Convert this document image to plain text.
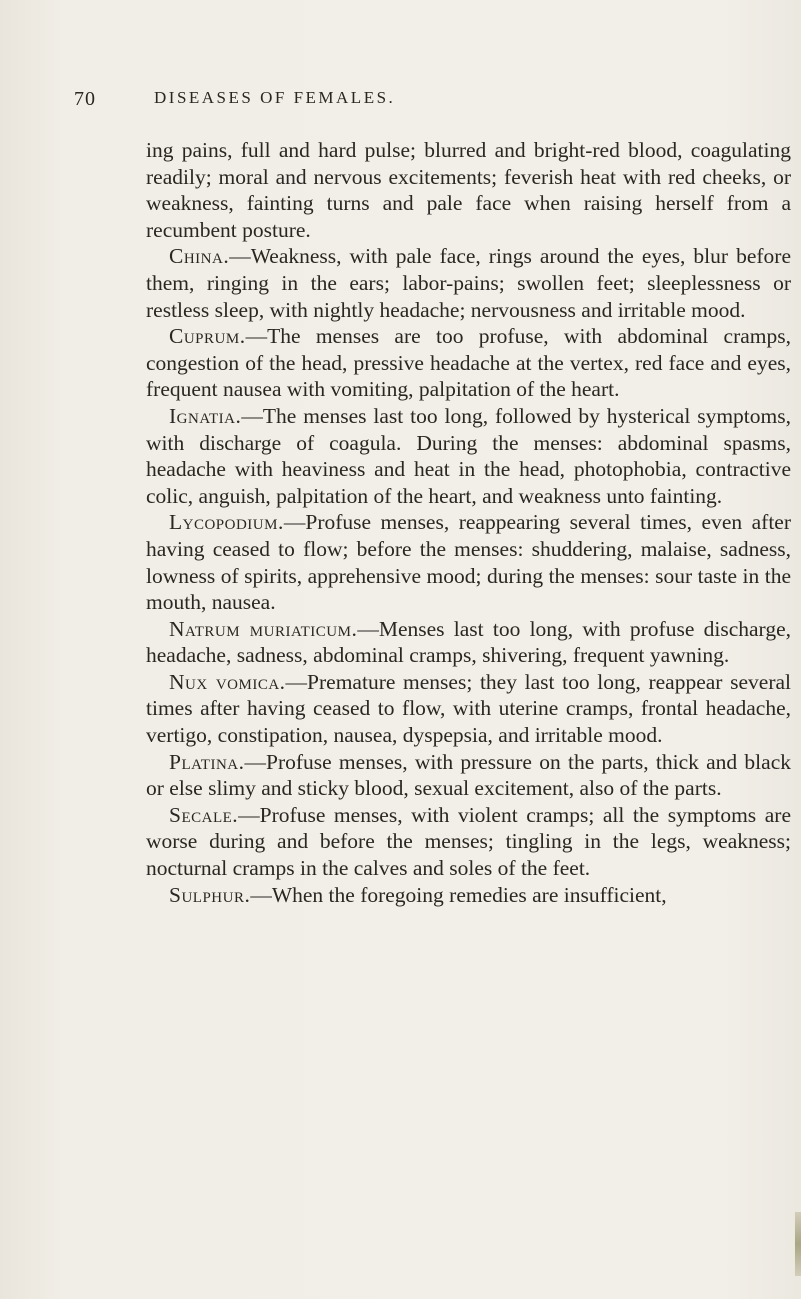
70	DISEASES OF FEMALES.

ing pains, full and hard pulse; blurred and bright-red blood, coagulating readily; moral and nervous excitements; feverish heat with red cheeks, or weakness, fainting turns and pale face when raising herself from a recumbent posture.

China.—Weakness, with pale face, rings around the eyes, blur before them, ringing in the ears; labor-pains; swollen feet; sleeplessness or restless sleep, with nightly headache; nervousness and irritable mood.

Cuprum.—The menses are too profuse, with abdominal cramps, congestion of the head, pressive headache at the vertex, red face and eyes, frequent nausea with vomiting, palpitation of the heart.

Ignatia.—The menses last too long, followed by hysterical symptoms, with discharge of coagula. During the menses: abdominal spasms, headache with heaviness and heat in the head, photophobia, contractive colic, anguish, palpitation of the heart, and weakness unto fainting.

Lycopodium.—Profuse menses, reappearing several times, even after having ceased to flow; before the menses: shuddering, malaise, sadness, lowness of spirits, apprehensive mood; during the menses: sour taste in the mouth, nausea.

Natrum muriaticum.—Menses last too long, with profuse discharge, headache, sadness, abdominal cramps, shivering, frequent yawning.

Nux vomica.—Premature menses; they last too long, reappear several times after having ceased to flow, with uterine cramps, frontal headache, vertigo, constipation, nausea, dyspepsia, and irritable mood.

Platina.—Profuse menses, with pressure on the parts, thick and black or else slimy and sticky blood, sexual excitement, also of the parts.

Secale.—Profuse menses, with violent cramps; all the symptoms are worse during and before the menses; tingling in the legs, weakness; nocturnal cramps in the calves and soles of the feet.

Sulphur.—When the foregoing remedies are insufficient,
